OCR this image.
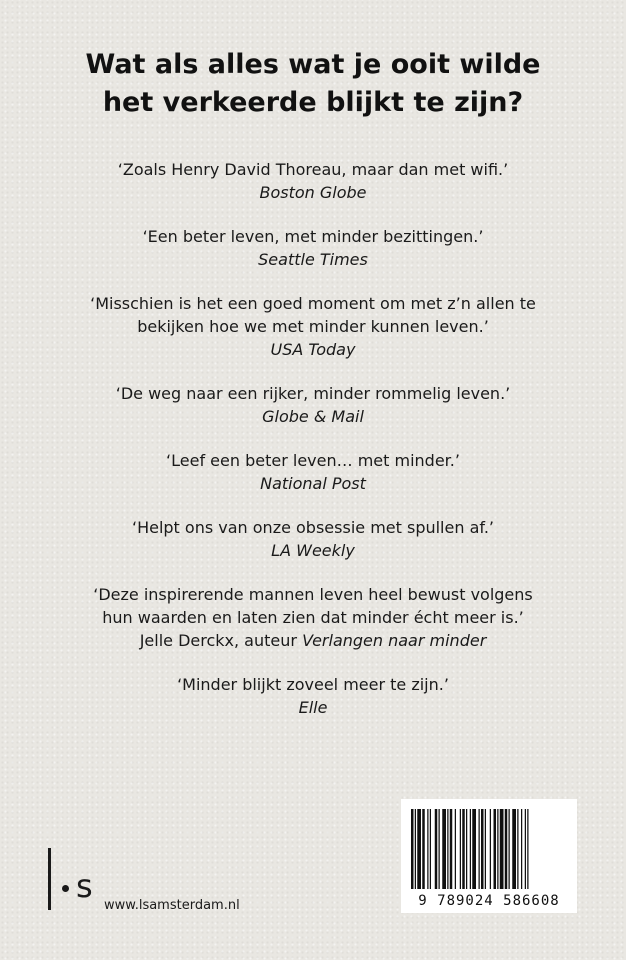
Wat als alles wat je ooit wilde
het verkeerde blijkt te zijn?
‘Zoals Henry David Thoreau, maar dan met wifi.’
Boston Globe
‘Een beter leven, met minder bezittingen.’
Seattle Times
‘Misschien is het een goed moment om met z’n allen te
bekijken hoe we met minder kunnen leven.’
USA Today
‘De weg naar een rijker, minder rommelig leven.’
Globe & Mail
‘Leef een beter leven… met minder.’
National Post
‘Helpt ons van onze obsessie met spullen af.’
LA Weekly
‘Deze inspirerende mannen leven heel bewust volgens
hun waarden en laten zien dat minder écht meer is.’
Jelle Derckx, auteur Verlangen naar minder
‘Minder blijkt zoveel meer te zijn.’
Elle
s
www.lsamsterdam.nl	9 789024 586608
